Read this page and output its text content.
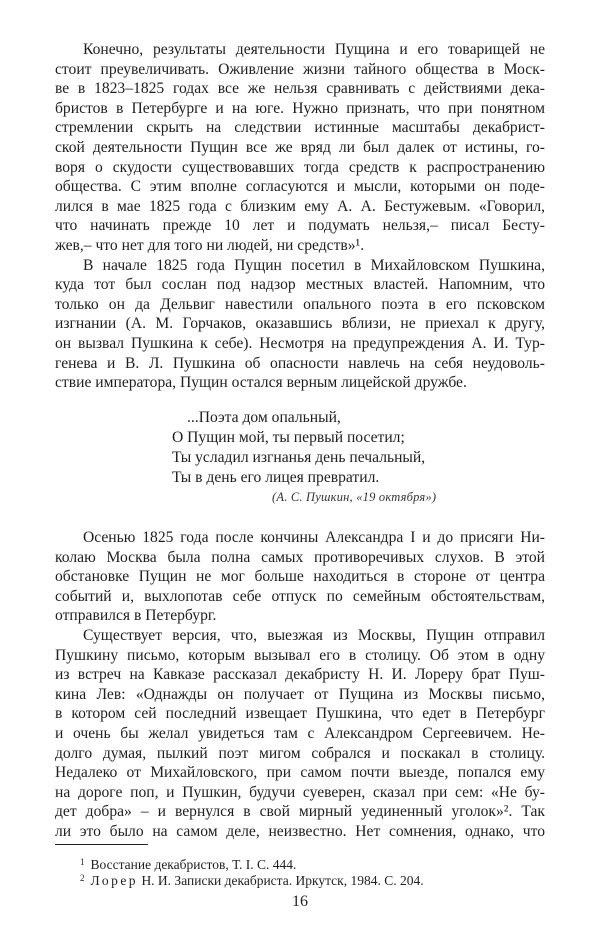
Конечно, результаты деятельности Пущина и его товарищей не
стоит преувеличивать. Оживление жизни тайного общества в Моск-
ве в 1823–1825 годах все же нельзя сравнивать с действиями дека-
бристов в Петербурге и на юге. Нужно признать, что при понятном
стремлении скрыть на следствии истинные масштабы декабрист-
ской деятельности Пущин все же вряд ли был далек от истины, го-
воря о скудости существовавших тогда средств к распространению
общества. С этим вполне согласуются и мысли, которыми он поде-
лился в мае 1825 года с близким ему А. А. Бестужевым. «Говорил,
что начинать прежде 10 лет и подумать нельзя,– писал Бесту-
жев,– что нет для того ни людей, ни средств»¹.
В начале 1825 года Пущин посетил в Михайловском Пушкина,
куда тот был сослан под надзор местных властей. Напомним, что
только он да Дельвиг навестили опального поэта в его псковском
изгнании (А. М. Горчаков, оказавшись вблизи, не приехал к другу,
он вызвал Пушкина к себе). Несмотря на предупреждения А. И. Тур-
генева и В. Л. Пушкина об опасности навлечь на себя неудоволь-
ствие императора, Пущин остался верным лицейской дружбе.
...Поэта дом опальный,
О Пущин мой, ты первый посетил;
Ты усладил изгнанья день печальный,
Ты в день его лицея превратил.
(А. С. Пушкин, «19 октября»)
Осенью 1825 года после кончины Александра I и до присяги Ни-
колаю Москва была полна самых противоречивых слухов. В этой
обстановке Пущин не мог больше находиться в стороне от центра
событий и, выхлопотав себе отпуск по семейным обстоятельствам,
отправился в Петербург.
Существует версия, что, выезжая из Москвы, Пущин отправил
Пушкину письмо, которым вызывал его в столицу. Об этом в одну
из встреч на Кавказе рассказал декабристу Н. И. Лореру брат Пуш-
кина Лев: «Однажды он получает от Пущина из Москвы письмо,
в котором сей последний извещает Пушкина, что едет в Петербург
и очень бы желал увидеться там с Александром Сергеевичем. Не-
долго думая, пылкий поэт мигом собрался и поскакал в столицу.
Недалеко от Михайловского, при самом почти выезде, попался ему
на дороге поп, и Пушкин, будучи суеверен, сказал при сем: «Не бу-
дет добра» – и вернулся в свой мирный уединенный уголок»². Так
ли это было на самом деле, неизвестно. Нет сомнения, однако, что
$^1$ Восстание декабристов, Т. I. С. 444.
$^2$ Лорер Н. И. Записки декабриста. Иркутск, 1984. С. 204.
16
